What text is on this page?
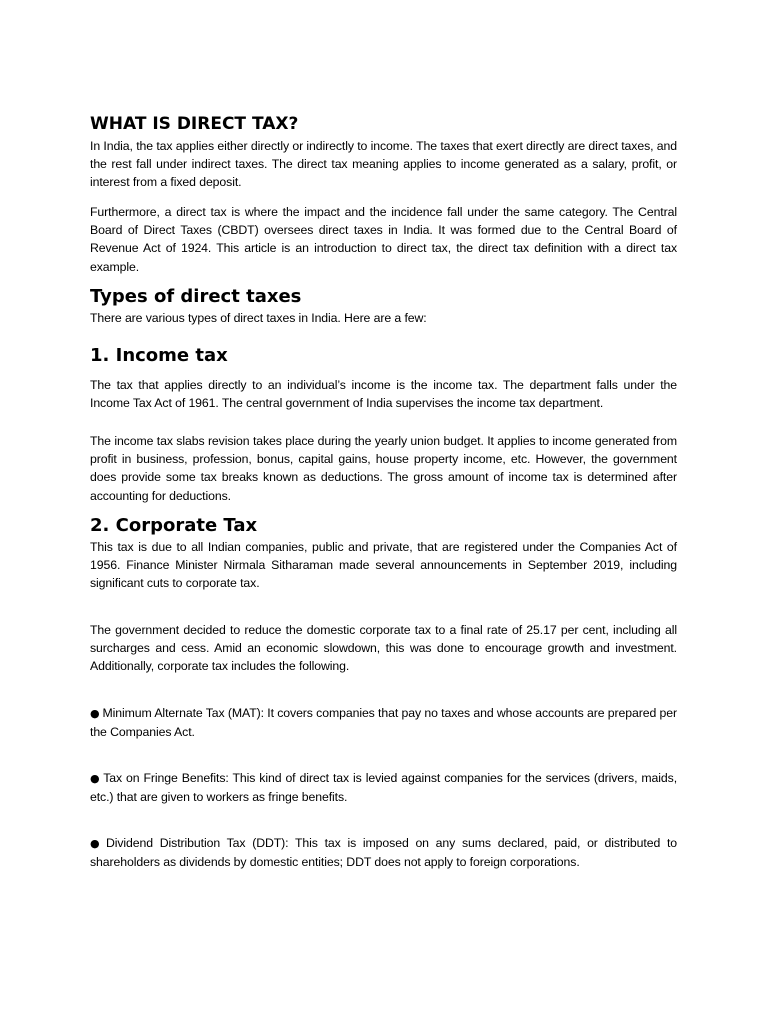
WHAT IS DIRECT TAX?

In India, the tax applies either directly or indirectly to income. The taxes that exert directly are direct taxes, and the rest fall under indirect taxes. The direct tax meaning applies to income generated as a salary, profit, or interest from a fixed deposit.

Furthermore, a direct tax is where the impact and the incidence fall under the same category. The Central Board of Direct Taxes (CBDT) oversees direct taxes in India. It was formed due to the Central Board of Revenue Act of 1924. This article is an introduction to direct tax, the direct tax definition with a direct tax example.

Types of direct taxes

There are various types of direct taxes in India. Here are a few:

1. Income tax

The tax that applies directly to an individual’s income is the income tax. The department falls under the Income Tax Act of 1961. The central government of India supervises the income tax department.

The income tax slabs revision takes place during the yearly union budget. It applies to income generated from profit in business, profession, bonus, capital gains, house property income, etc. However, the government does provide some tax breaks known as deductions. The gross amount of income tax is determined after accounting for deductions.

2. Corporate Tax

This tax is due to all Indian companies, public and private, that are registered under the Companies Act of 1956. Finance Minister Nirmala Sitharaman made several announcements in September 2019, including significant cuts to corporate tax.

The government decided to reduce the domestic corporate tax to a final rate of 25.17 per cent, including all surcharges and cess. Amid an economic slowdown, this was done to encourage growth and investment. Additionally, corporate tax includes the following.

● Minimum Alternate Tax (MAT): It covers companies that pay no taxes and whose accounts are prepared per the Companies Act.

● Tax on Fringe Benefits: This kind of direct tax is levied against companies for the services (drivers, maids, etc.) that are given to workers as fringe benefits.

● Dividend Distribution Tax (DDT): This tax is imposed on any sums declared, paid, or distributed to shareholders as dividends by domestic entities; DDT does not apply to foreign corporations.
